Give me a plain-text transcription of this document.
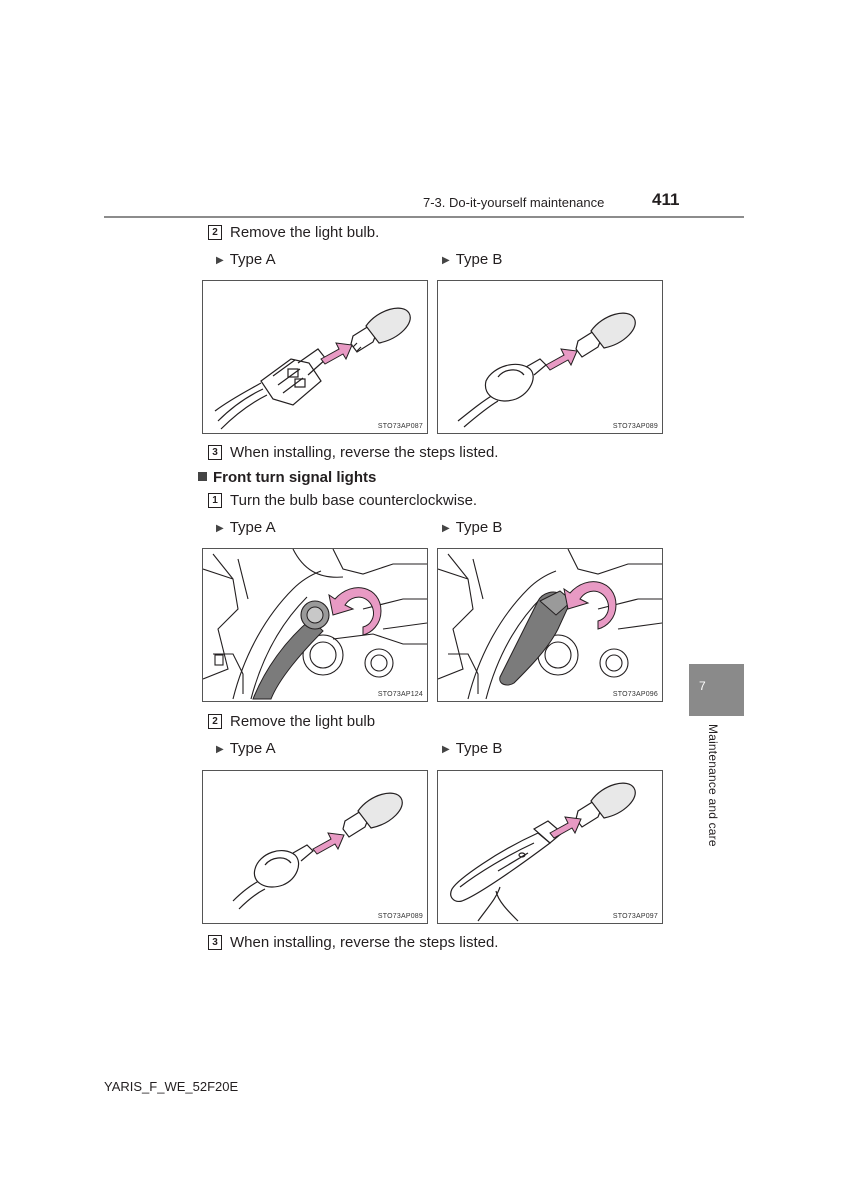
7-3. Do-it-yourself maintenance	411
2 Remove the light bulb.
▶ Type A	▶ Type B
STO73AP087	STO73AP089
3 When installing, reverse the steps listed.
Front turn signal lights
1 Turn the bulb base counterclockwise.
▶ Type A	▶ Type B
STO73AP124	STO73AP096
2 Remove the light bulb
▶ Type A	▶ Type B
STO73AP089	STO73AP097
3 When installing, reverse the steps listed.
7
Maintenance and care
YARIS_F_WE_52F20E
